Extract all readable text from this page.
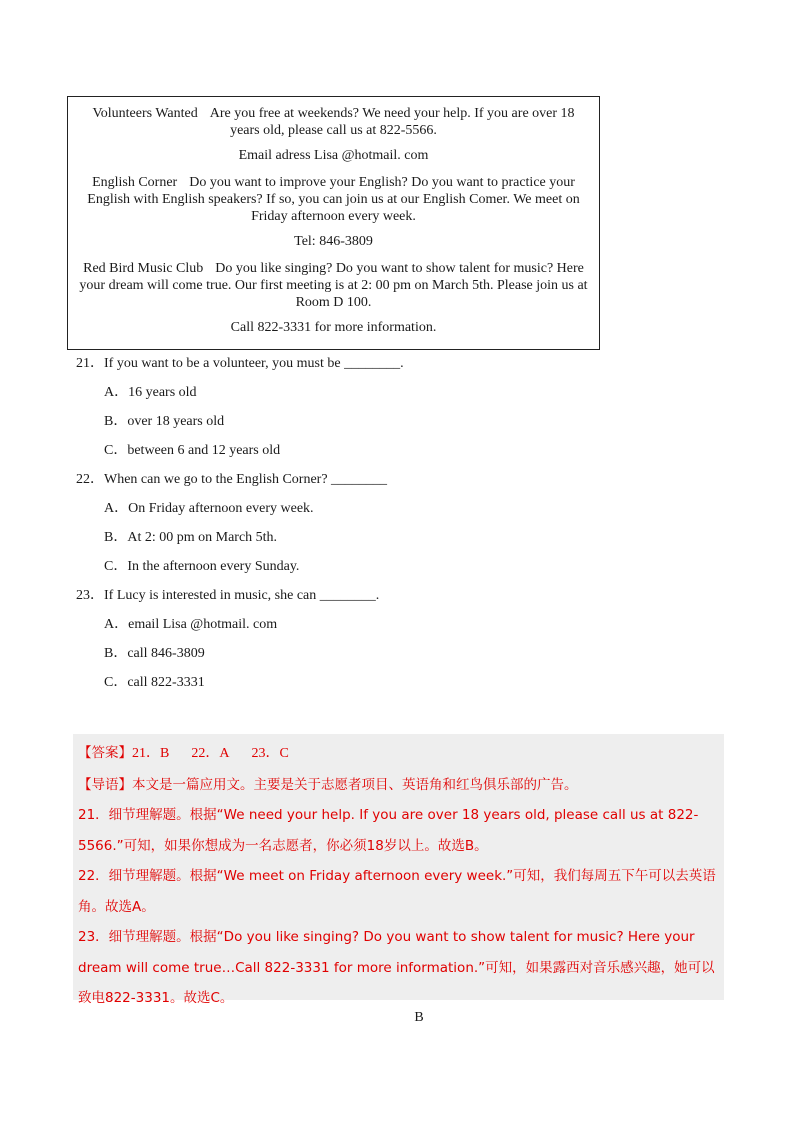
Volunteers Wanted Are you free at weekends? We need your help. If you are over 18 years old, please call us at 822-5566.

Email adress Lisa @hotmail. com

English Corner Do you want to improve your English? Do you want to practice your English with English speakers? If so, you can join us at our English Comer. We meet on Friday afternoon every week.

Tel: 846-3809

Red Bird Music Club Do you like singing? Do you want to show talent for music? Here your dream will come true. Our first meeting is at 2: 00 pm on March 5th. Please join us at Room D 100.

Call 822-3331 for more information.

21．If you want to be a volunteer, you must be ________.

A．16 years old

B．over 18 years old

C．between 6 and 12 years old

22．When can we go to the English Corner? ________

A．On Friday afternoon every week.

B．At 2: 00 pm on March 5th.

C．In the afternoon every Sunday.

23．If Lucy is interested in music, she can ________.

A．email Lisa @hotmail. com

B．call 846-3809

C．call 822-3331

【答案】21．B 22．A 23．C

【导语】本文是一篇应用文。主要是关于志愿者项目、英语角和红鸟俱乐部的广告。

21．细节理解题。根据“We need your help. If you are over 18 years old, please call us at 822-5566.”可知，如果你想成为一名志愿者，你必须18岁以上。故选B。

22．细节理解题。根据“We meet on Friday afternoon every week.”可知，我们每周五下午可以去英语角。故选A。

23．细节理解题。根据“Do you like singing? Do you want to show talent for music? Here your dream will come true…Call 822-3331 for more information.”可知，如果露西对音乐感兴趣，她可以致电822-3331。故选C。

B
